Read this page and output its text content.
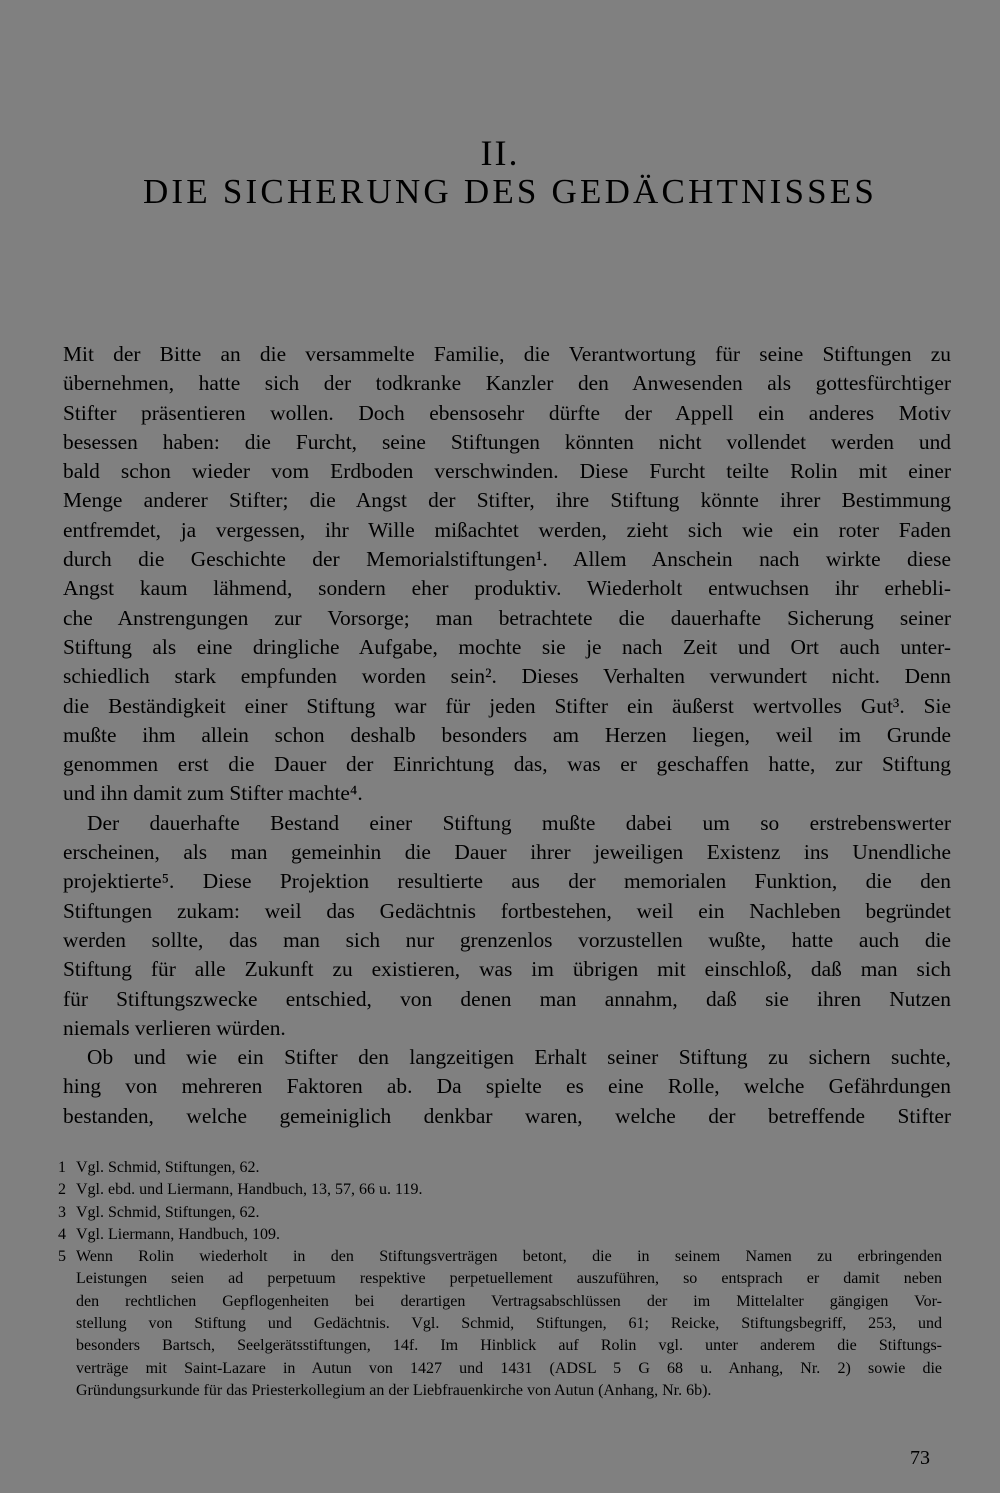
II.
DIE SICHERUNG DES GEDÄCHTNISSES
Mit der Bitte an die versammelte Familie, die Verantwortung für seine Stiftungen zu
übernehmen, hatte sich der todkranke Kanzler den Anwesenden als gottesfürchtiger
Stifter präsentieren wollen. Doch ebensosehr dürfte der Appell ein anderes Motiv
besessen haben: die Furcht, seine Stiftungen könnten nicht vollendet werden und
bald schon wieder vom Erdboden verschwinden. Diese Furcht teilte Rolin mit einer
Menge anderer Stifter; die Angst der Stifter, ihre Stiftung könnte ihrer Bestimmung
entfremdet, ja vergessen, ihr Wille mißachtet werden, zieht sich wie ein roter Faden
durch die Geschichte der Memorialstiftungen¹. Allem Anschein nach wirkte diese
Angst kaum lähmend, sondern eher produktiv. Wiederholt entwuchsen ihr erhebli-
che Anstrengungen zur Vorsorge; man betrachtete die dauerhafte Sicherung seiner
Stiftung als eine dringliche Aufgabe, mochte sie je nach Zeit und Ort auch unter-
schiedlich stark empfunden worden sein². Dieses Verhalten verwundert nicht. Denn
die Beständigkeit einer Stiftung war für jeden Stifter ein äußerst wertvolles Gut³. Sie
mußte ihm allein schon deshalb besonders am Herzen liegen, weil im Grunde
genommen erst die Dauer der Einrichtung das, was er geschaffen hatte, zur Stiftung
und ihn damit zum Stifter machte⁴.
Der dauerhafte Bestand einer Stiftung mußte dabei um so erstrebenswerter
erscheinen, als man gemeinhin die Dauer ihrer jeweiligen Existenz ins Unendliche
projektierte⁵. Diese Projektion resultierte aus der memorialen Funktion, die den
Stiftungen zukam: weil das Gedächtnis fortbestehen, weil ein Nachleben begründet
werden sollte, das man sich nur grenzenlos vorzustellen wußte, hatte auch die
Stiftung für alle Zukunft zu existieren, was im übrigen mit einschloß, daß man sich
für Stiftungszwecke entschied, von denen man annahm, daß sie ihren Nutzen
niemals verlieren würden.
Ob und wie ein Stifter den langzeitigen Erhalt seiner Stiftung zu sichern suchte,
hing von mehreren Faktoren ab. Da spielte es eine Rolle, welche Gefährdungen
bestanden, welche gemeiniglich denkbar waren, welche der betreffende Stifter
1 Vgl. Schmid, Stiftungen, 62.
2 Vgl. ebd. und Liermann, Handbuch, 13, 57, 66 u. 119.
3 Vgl. Schmid, Stiftungen, 62.
4 Vgl. Liermann, Handbuch, 109.
5 Wenn Rolin wiederholt in den Stiftungsverträgen betont, die in seinem Namen zu erbringenden
Leistungen seien ad perpetuum respektive perpetuellement auszuführen, so entsprach er damit neben
den rechtlichen Gepflogenheiten bei derartigen Vertragsabschlüssen der im Mittelalter gängigen Vor-
stellung von Stiftung und Gedächtnis. Vgl. Schmid, Stiftungen, 61; Reicke, Stiftungsbegriff, 253, und
besonders Bartsch, Seelgerätsstiftungen, 14f. Im Hinblick auf Rolin vgl. unter anderem die Stiftungs-
verträge mit Saint-Lazare in Autun von 1427 und 1431 (ADSL 5 G 68 u. Anhang, Nr. 2) sowie die
Gründungsurkunde für das Priesterkollegium an der Liebfrauenkirche von Autun (Anhang, Nr. 6b).
73
